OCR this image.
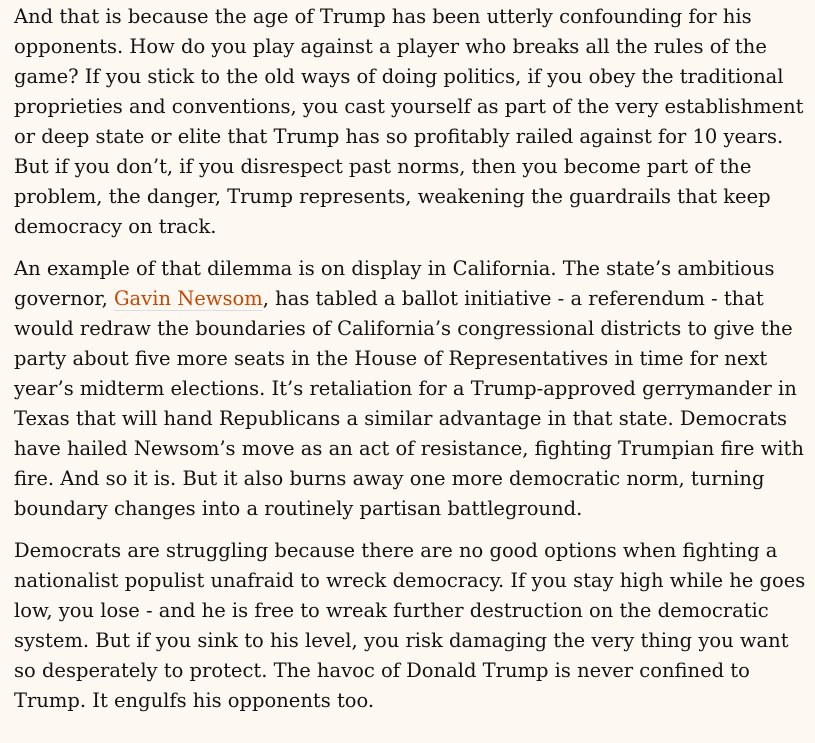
And that is because the age of Trump has been utterly confounding for his opponents. How do you play against a player who breaks all the rules of the game? If you stick to the old ways of doing politics, if you obey the traditional proprieties and conventions, you cast yourself as part of the very establishment or deep state or elite that Trump has so profitably railed against for 10 years. But if you don’t, if you disrespect past norms, then you become part of the problem, the danger, Trump represents, weakening the guardrails that keep democracy on track.

An example of that dilemma is on display in California. The state’s ambitious governor, Gavin Newsom, has tabled a ballot initiative - a referendum - that would redraw the boundaries of California’s congressional districts to give the party about five more seats in the House of Representatives in time for next year’s midterm elections. It’s retaliation for a Trump-approved gerrymander in Texas that will hand Republicans a similar advantage in that state. Democrats have hailed Newsom’s move as an act of resistance, fighting Trumpian fire with fire. And so it is. But it also burns away one more democratic norm, turning boundary changes into a routinely partisan battleground.

Democrats are struggling because there are no good options when fighting a nationalist populist unafraid to wreck democracy. If you stay high while he goes low, you lose - and he is free to wreak further destruction on the democratic system. But if you sink to his level, you risk damaging the very thing you want so desperately to protect. The havoc of Donald Trump is never confined to Trump. It engulfs his opponents too.
